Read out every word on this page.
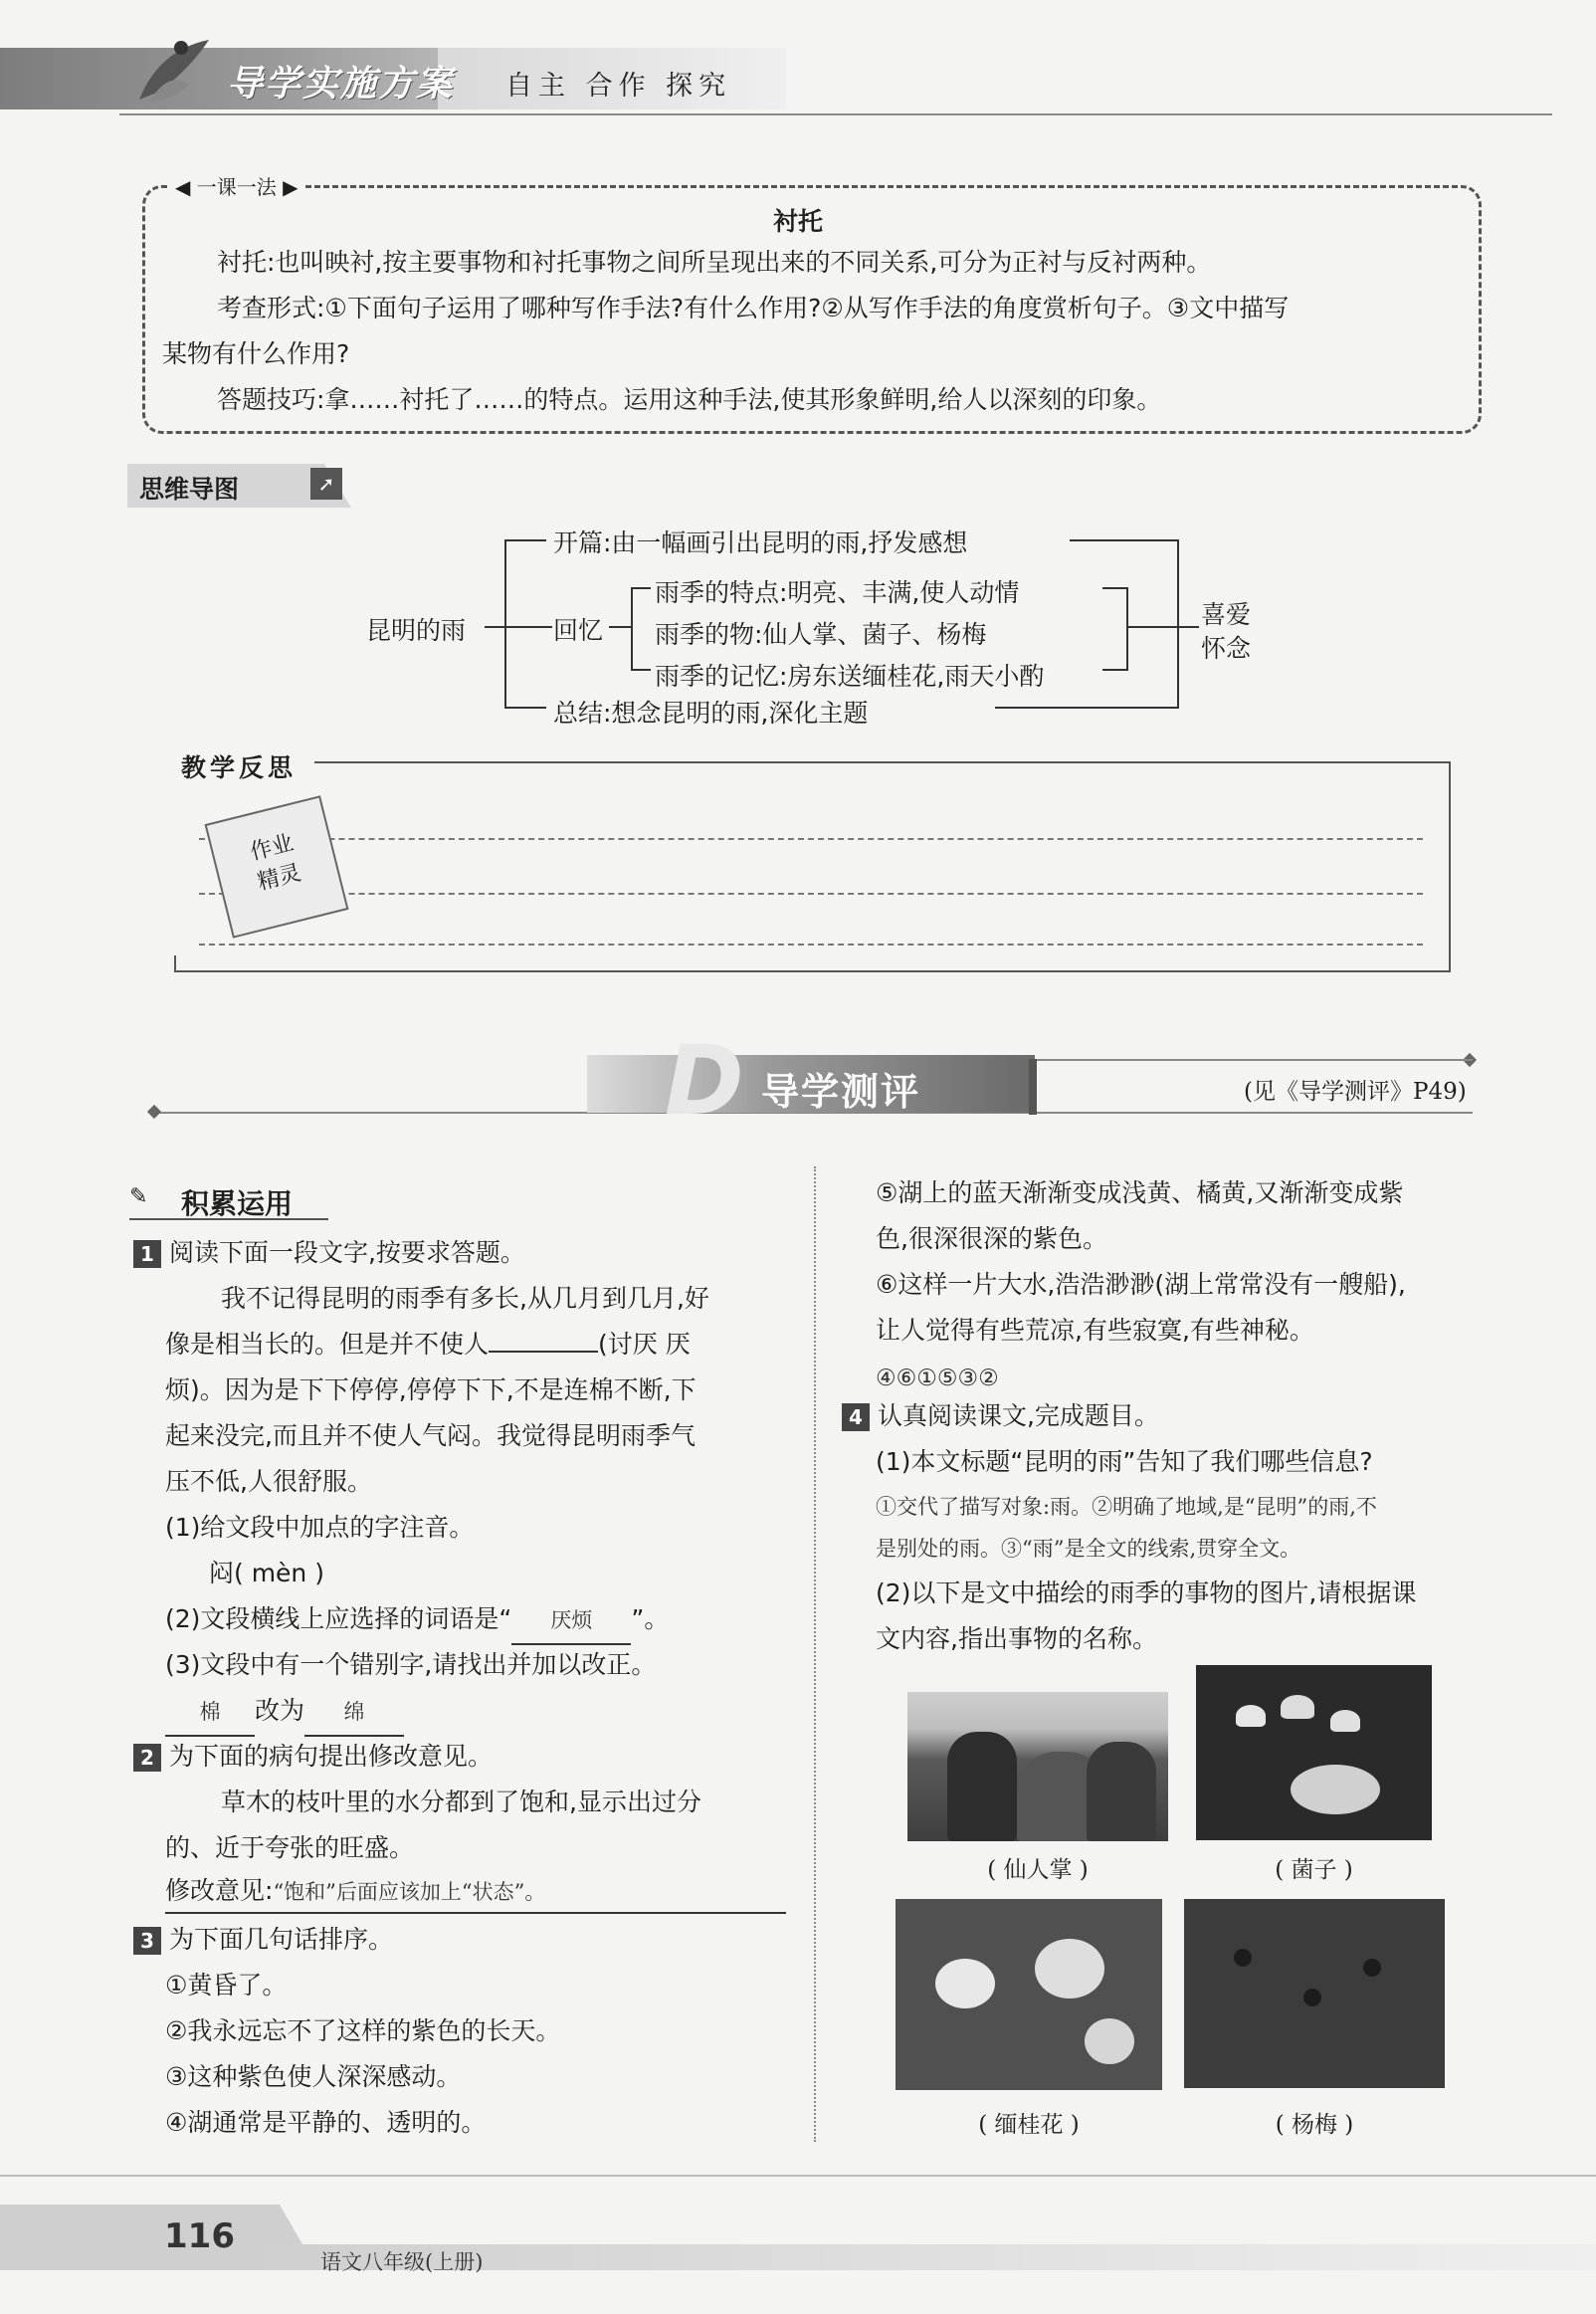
导学实施方案 自主 合作 探究
◀ 一课一法 ▶
衬托
衬托:也叫映衬,按主要事物和衬托事物之间所呈现出来的不同关系,可分为正衬与反衬两种。
考查形式:①下面句子运用了哪种写作手法?有什么作用?②从写作手法的角度赏析句子。③文中描写
某物有什么作用?
答题技巧:拿……衬托了……的特点。运用这种手法,使其形象鲜明,给人以深刻的印象。
思维导图	➚
昆明的雨
开篇:由一幅画引出昆明的雨,抒发感想
回忆
总结:想念昆明的雨,深化主题
雨季的特点:明亮、丰满,使人动情
雨季的物:仙人掌、菌子、杨梅
雨季的记忆:房东送缅桂花,雨天小酌
喜爱
怀念
教学反思
作业
精灵
D 导学测评	(见《导学测评》P49)
✎ 积累运用
1 阅读下面一段文字,按要求答题。
我不记得昆明的雨季有多长,从几月到几月,好
像是相当长的。但是并不使人	(讨厌 厌
烦)。因为是下下停停,停停下下,不是连棉不断,下
起来没完,而且并不使人气闷。我觉得昆明雨季气
压不低,人很舒服。
(1)给文段中加点的字注音。
闷( mèn )
(2)文段横线上应选择的词语是“ 厌烦 ”。
(3)文段中有一个错别字,请找出并加以改正。
棉 改为 绵
2 为下面的病句提出修改意见。
草木的枝叶里的水分都到了饱和,显示出过分
的、近于夸张的旺盛。
修改意见:“饱和”后面应该加上“状态”。
3 为下面几句话排序。
①黄昏了。
②我永远忘不了这样的紫色的长天。
③这种紫色使人深深感动。
④湖通常是平静的、透明的。
⑤湖上的蓝天渐渐变成浅黄、橘黄,又渐渐变成紫
色,很深很深的紫色。
⑥这样一片大水,浩浩渺渺(湖上常常没有一艘船),
让人觉得有些荒凉,有些寂寞,有些神秘。
④⑥①⑤③②
4 认真阅读课文,完成题目。
(1)本文标题“昆明的雨”告知了我们哪些信息?
①交代了描写对象:雨。②明确了地域,是“昆明”的雨,不
是别处的雨。③“雨”是全文的线索,贯穿全文。
(2)以下是文中描绘的雨季的事物的图片,请根据课
文内容,指出事物的名称。
( 仙人掌 )	( 菌子 )
( 缅桂花 )	( 杨梅 )
116
语文八年级(上册)
